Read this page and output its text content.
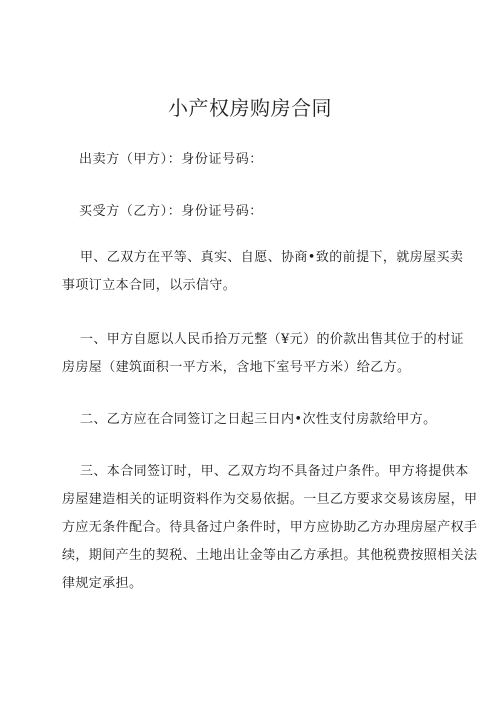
小产权房购房合同
出卖方（甲方）：身份证号码：
买受方（乙方）：身份证号码：
甲、乙双方在平等、真实、自愿、协商•致的前提下，就房屋买卖
事项订立本合同，以示信守。
一、甲方自愿以人民币拾万元整（¥元）的价款出售其位于的村证
房房屋（建筑面积一平方米，含地下室号平方米）给乙方。
二、乙方应在合同签订之日起三日内•次性支付房款给甲方。
三、本合同签订时，甲、乙双方均不具备过户条件。甲方将提供本
房屋建造相关的证明资料作为交易依据。一旦乙方要求交易该房屋，甲
方应无条件配合。待具备过户条件时，甲方应协助乙方办理房屋产权手
续，期间产生的契税、土地出让金等由乙方承担。其他税费按照相关法
律规定承担。
